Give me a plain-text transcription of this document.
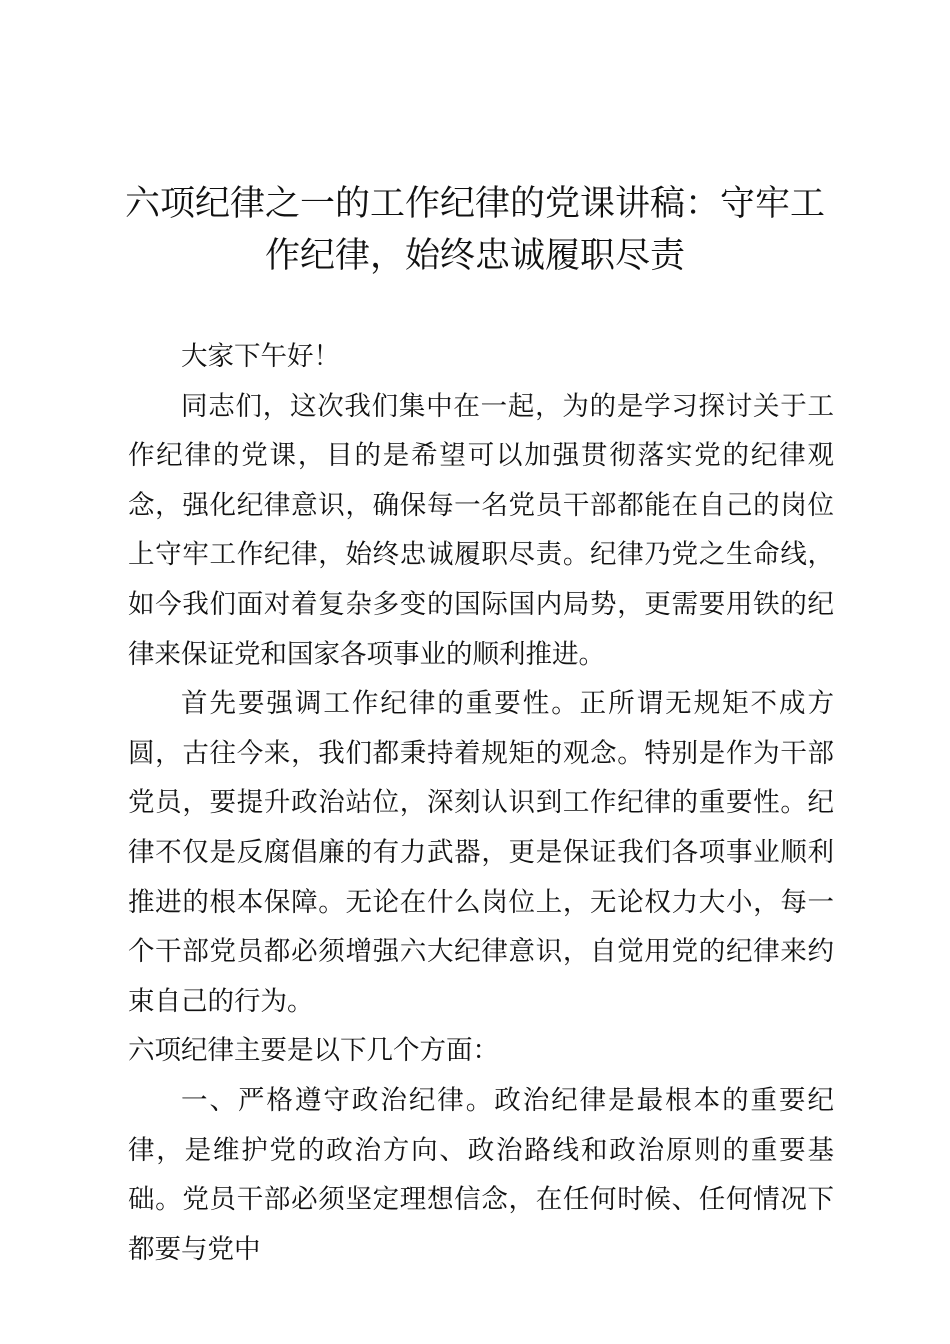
六项纪律之一的工作纪律的党课讲稿：守牢工作纪律，始终忠诚履职尽责

大家下午好！

同志们，这次我们集中在一起，为的是学习探讨关于工作纪律的党课，目的是希望可以加强贯彻落实党的纪律观念，强化纪律意识，确保每一名党员干部都能在自己的岗位上守牢工作纪律，始终忠诚履职尽责。纪律乃党之生命线，如今我们面对着复杂多变的国际国内局势，更需要用铁的纪律来保证党和国家各项事业的顺利推进。

首先要强调工作纪律的重要性。正所谓无规矩不成方圆，古往今来，我们都秉持着规矩的观念。特别是作为干部党员，要提升政治站位，深刻认识到工作纪律的重要性。纪律不仅是反腐倡廉的有力武器，更是保证我们各项事业顺利推进的根本保障。无论在什么岗位上，无论权力大小，每一个干部党员都必须增强六大纪律意识，自觉用党的纪律来约束自己的行为。

六项纪律主要是以下几个方面：

一、严格遵守政治纪律。政治纪律是最根本的重要纪律，是维护党的政治方向、政治路线和政治原则的重要基础。党员干部必须坚定理想信念，在任何时候、任何情况下都要与党中
